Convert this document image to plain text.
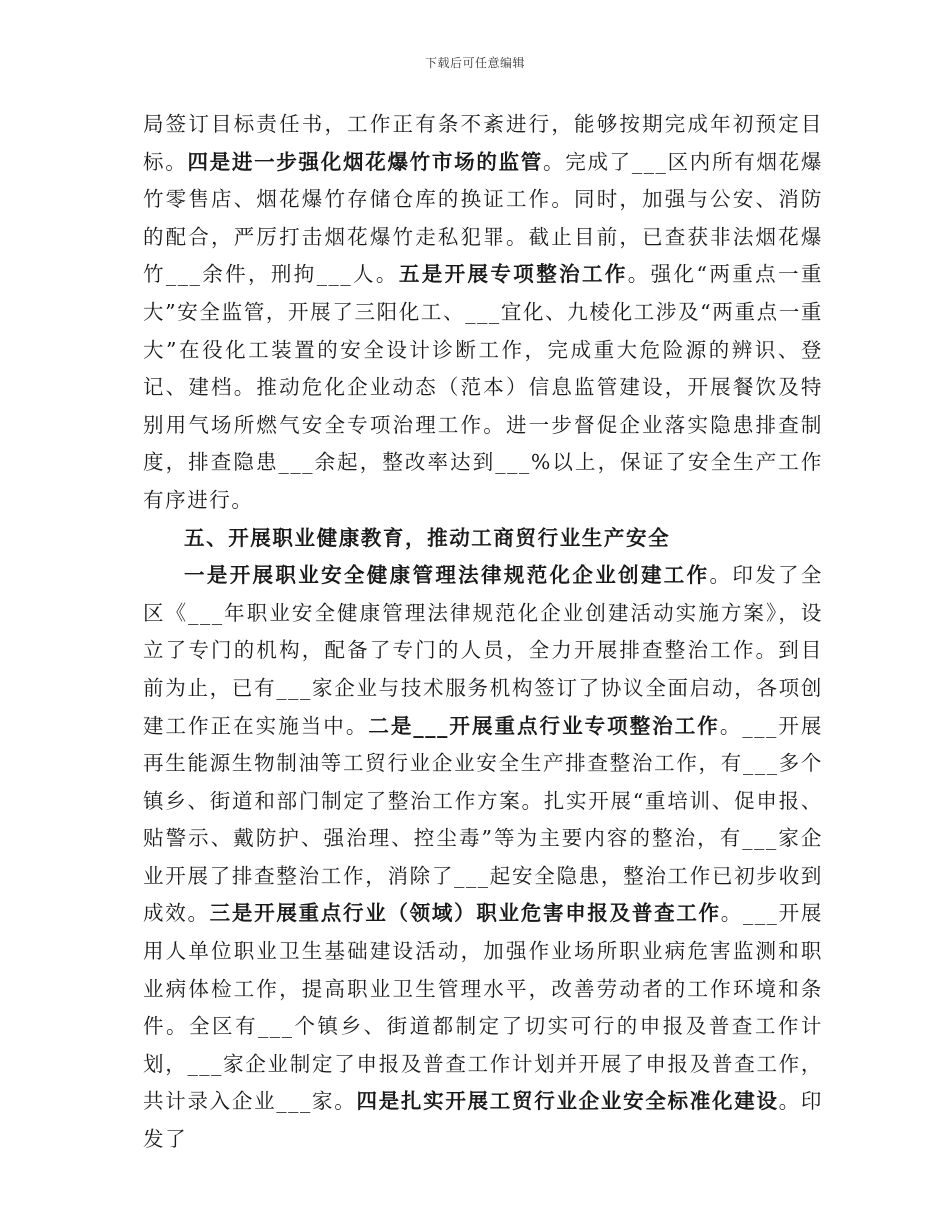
下载后可任意编辑

局签订目标责任书，工作正有条不紊进行，能够按期完成年初预定目标。四是进一步强化烟花爆竹市场的监管。完成了___区内所有烟花爆竹零售店、烟花爆竹存储仓库的换证工作。同时，加强与公安、消防的配合，严厉打击烟花爆竹走私犯罪。截止目前，已查获非法烟花爆竹___余件，刑拘___人。五是开展专项整治工作。强化“两重点一重大”安全监管，开展了三阳化工、___宜化、九棱化工涉及“两重点一重大”在役化工装置的安全设计诊断工作，完成重大危险源的辨识、登记、建档。推动危化企业动态（范本）信息监管建设，开展餐饮及特别用气场所燃气安全专项治理工作。进一步督促企业落实隐患排查制度，排查隐患___余起，整改率达到___%以上，保证了安全生产工作有序进行。

五、开展职业健康教育，推动工商贸行业生产安全

一是开展职业安全健康管理法律规范化企业创建工作。印发了全区《___年职业安全健康管理法律规范化企业创建活动实施方案》，设立了专门的机构，配备了专门的人员，全力开展排查整治工作。到目前为止，已有___家企业与技术服务机构签订了协议全面启动，各项创建工作正在实施当中。二是___开展重点行业专项整治工作。___开展再生能源生物制油等工贸行业企业安全生产排查整治工作，有___多个镇乡、街道和部门制定了整治工作方案。扎实开展“重培训、促申报、贴警示、戴防护、强治理、控尘毒”等为主要内容的整治，有___家企业开展了排查整治工作，消除了___起安全隐患，整治工作已初步收到成效。三是开展重点行业（领域）职业危害申报及普查工作。___开展用人单位职业卫生基础建设活动，加强作业场所职业病危害监测和职业病体检工作，提高职业卫生管理水平，改善劳动者的工作环境和条件。全区有___个镇乡、街道都制定了切实可行的申报及普查工作计划，___家企业制定了申报及普查工作计划并开展了申报及普查工作，共计录入企业___家。四是扎实开展工贸行业企业安全标准化建设。印发了
